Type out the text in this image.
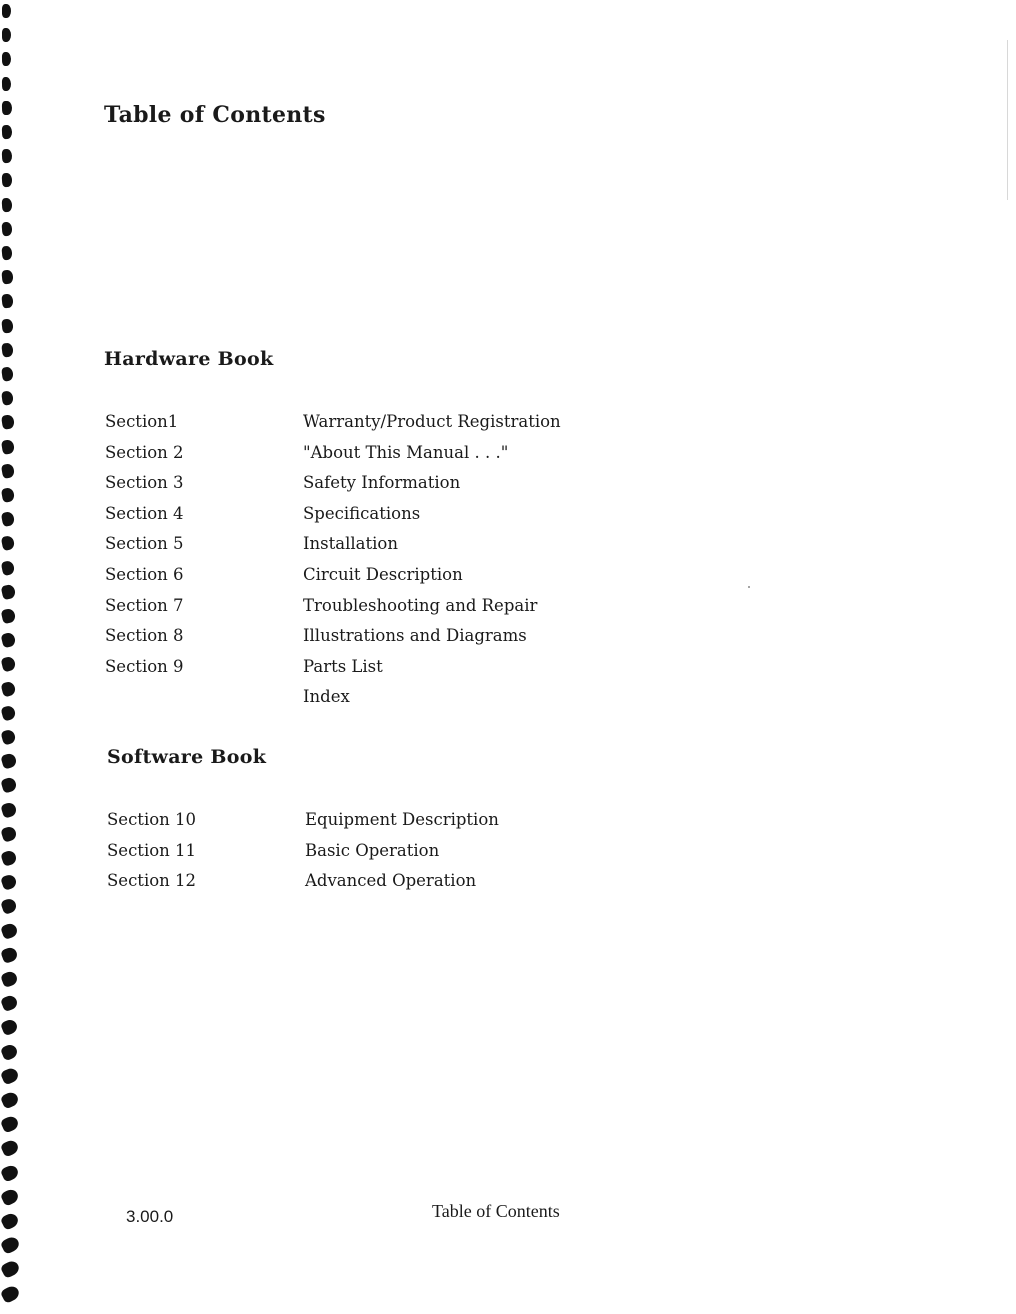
Table of Contents
Hardware Book
Section1	Warranty/Product Registration
Section 2	"About This Manual . . ."
Section 3	Safety Information
Section 4	Specifications
Section 5	Installation
Section 6	Circuit Description
Section 7	Troubleshooting and Repair
Section 8	Illustrations and Diagrams
Section 9	Parts List
Index
Software Book
Section 10	Equipment Description
Section 11	Basic Operation
Section 12	Advanced Operation
3.00.0	Table of Contents
